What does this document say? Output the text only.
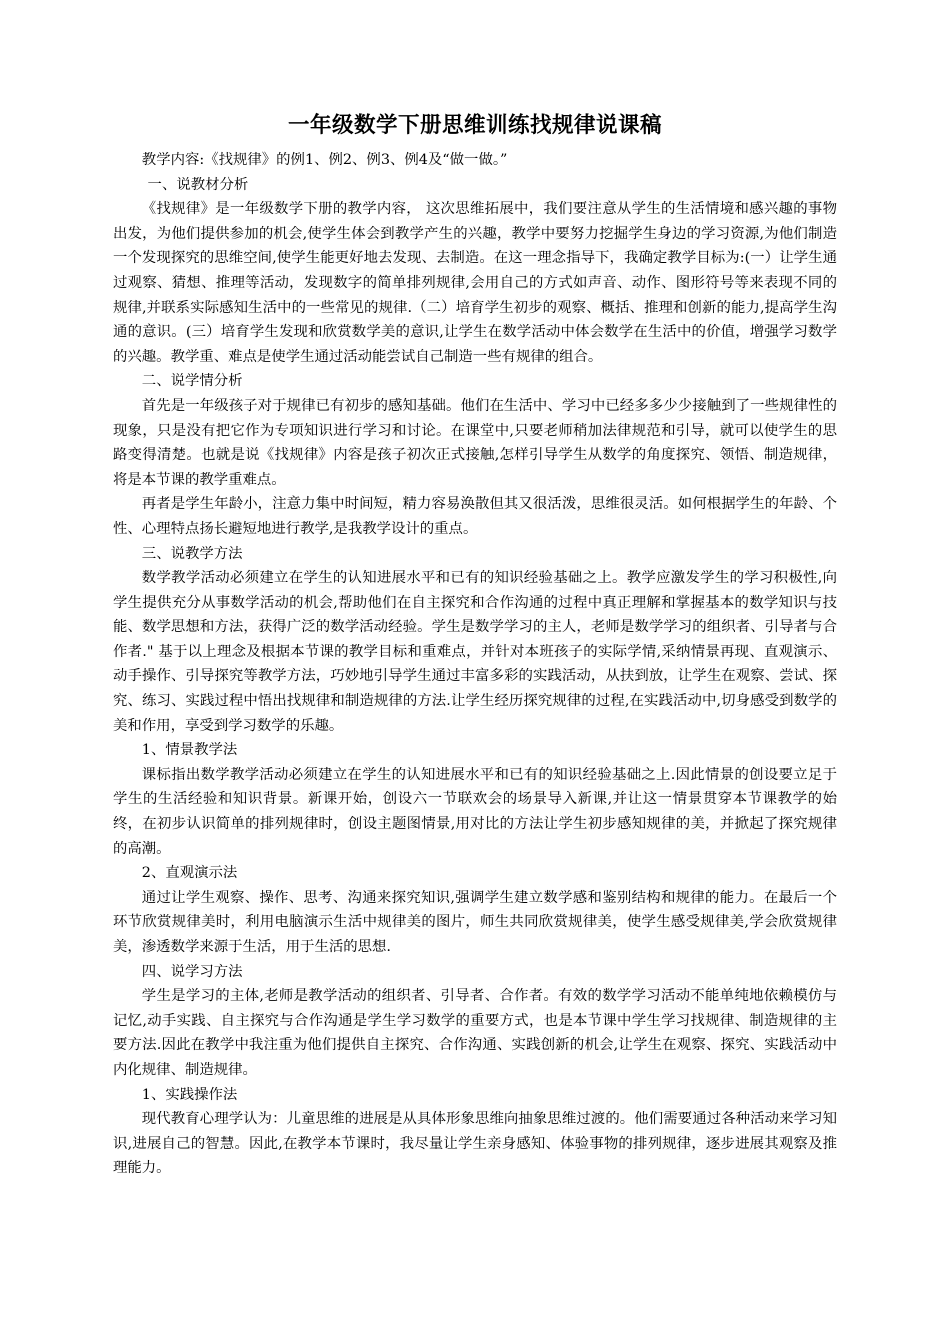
一年级数学下册思维训练找规律说课稿

教学内容:《找规律》的例1、例2、例3、例4及“做一做。”

一、说教材分析

《找规律》是一年级数学下册的教学内容， 这次思维拓展中，我们要注意从学生的生活情境和感兴趣的事物出发，为他们提供参加的机会,使学生体会到教学产生的兴趣，教学中要努力挖掘学生身边的学习资源,为他们制造一个发现探究的思维空间,使学生能更好地去发现、去制造。在这一理念指导下，我确定教学目标为:(一）让学生通过观察、猜想、推理等活动，发现数字的简单排列规律,会用自己的方式如声音、动作、图形符号等来表现不同的规律,并联系实际感知生活中的一些常见的规律.（二）培育学生初步的观察、概括、推理和创新的能力,提高学生沟通的意识。(三）培育学生发现和欣赏数学美的意识,让学生在数学活动中体会数学在生活中的价值，增强学习数学的兴趣。教学重、难点是使学生通过活动能尝试自己制造一些有规律的组合。

二、说学情分析

首先是一年级孩子对于规律已有初步的感知基础。他们在生活中、学习中已经多多少少接触到了一些规律性的现象，只是没有把它作为专项知识进行学习和讨论。在课堂中,只要老师稍加法律规范和引导，就可以使学生的思路变得清楚。也就是说《找规律》内容是孩子初次正式接触,怎样引导学生从数学的角度探究、领悟、制造规律，将是本节课的教学重难点。

再者是学生年龄小，注意力集中时间短，精力容易涣散但其又很活泼，思维很灵活。如何根据学生的年龄、个性、心理特点扬长避短地进行教学,是我教学设计的重点。

三、说教学方法

数学教学活动必须建立在学生的认知进展水平和已有的知识经验基础之上。教学应激发学生的学习积极性,向学生提供充分从事数学活动的机会,帮助他们在自主探究和合作沟通的过程中真正理解和掌握基本的数学知识与技能、数学思想和方法，获得广泛的数学活动经验。学生是数学学习的主人，老师是数学学习的组织者、引导者与合作者." 基于以上理念及根据本节课的教学目标和重难点，并针对本班孩子的实际学情,采纳情景再现、直观演示、动手操作、引导探究等教学方法，巧妙地引导学生通过丰富多彩的实践活动，从扶到放，让学生在观察、尝试、探究、练习、实践过程中悟出找规律和制造规律的方法.让学生经历探究规律的过程,在实践活动中,切身感受到数学的美和作用，享受到学习数学的乐趣。

1、情景教学法

课标指出数学教学活动必须建立在学生的认知进展水平和已有的知识经验基础之上.因此情景的创设要立足于学生的生活经验和知识背景。新课开始，创设六一节联欢会的场景导入新课,并让这一情景贯穿本节课教学的始终，在初步认识简单的排列规律时，创设主题图情景,用对比的方法让学生初步感知规律的美，并掀起了探究规律的高潮。

2、直观演示法

通过让学生观察、操作、思考、沟通来探究知识,强调学生建立数学感和鉴别结构和规律的能力。在最后一个环节欣赏规律美时，利用电脑演示生活中规律美的图片，师生共同欣赏规律美，使学生感受规律美,学会欣赏规律美，渗透数学来源于生活，用于生活的思想.

四、说学习方法

学生是学习的主体,老师是教学活动的组织者、引导者、合作者。有效的数学学习活动不能单纯地依赖模仿与记忆,动手实践、自主探究与合作沟通是学生学习数学的重要方式，也是本节课中学生学习找规律、制造规律的主要方法.因此在教学中我注重为他们提供自主探究、合作沟通、实践创新的机会,让学生在观察、探究、实践活动中内化规律、制造规律。

1、实践操作法

现代教育心理学认为：儿童思维的进展是从具体形象思维向抽象思维过渡的。他们需要通过各种活动来学习知识,进展自己的智慧。因此,在教学本节课时，我尽量让学生亲身感知、体验事物的排列规律，逐步进展其观察及推理能力。
